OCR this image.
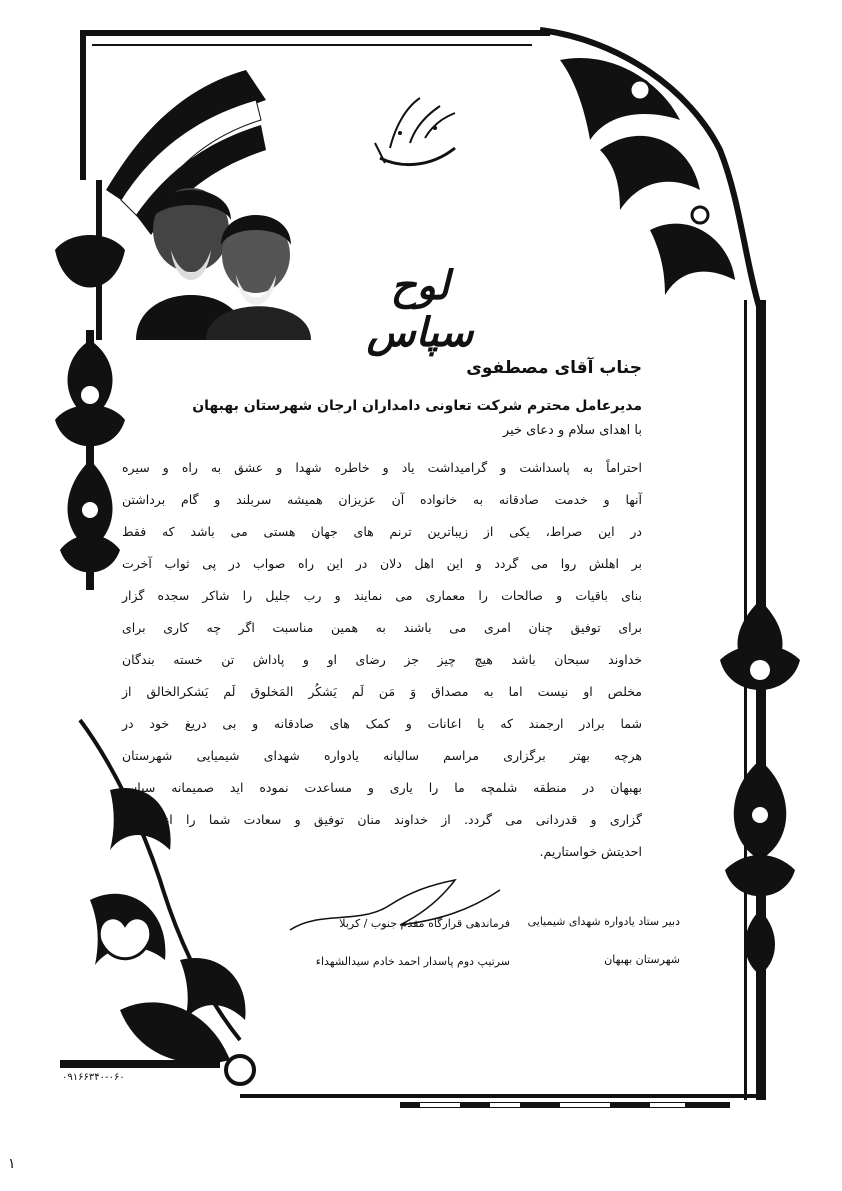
لوح سپاس
جناب آقای مصطفوی
مدیرعامل محترم شرکت تعاونی دامداران ارجان شهرستان بهبهان
با اهدای سلام و دعای خیر
احتراماً به پاسداشت و گرامیداشت یاد و خاطره شهدا و عشق به راه و سیره
آنها و خدمت صادقانه به خانواده آن عزیزان همیشه سربلند و گام برداشتن
در این صراط، یکی از زیباترین ترنم های جهان هستی می باشد که فقط
بر اهلش روا می گردد و این اهل دلان در این راه صواب در پی ثواب آخرت
بنای باقیات و صالحات را معماری می نمایند و رب جلیل را شاکر سجده گزار
برای توفیق چنان امری می باشند به همین مناسبت اگر چه کاری برای
خداوند سبحان باشد هیچ چیز جز رضای او و پاداش تن خسته بندگان
مخلص او نیست اما به مصداق وَ مَن لَم یَشکُر المَخلوق لَم یَشکرالخالق از
شما برادر ارجمند که با اعانات و کمک های صادقانه و بی دریغ خود در
هرچه بهتر برگزاری مراسم سالیانه یادواره شهدای شیمیایی شهرستان
بهبهان در منطقه شلمچه ما را یاری و مساعدت نموده اید صمیمانه سپاس
گزاری و قدردانی می گردد. از خداوند منان توفیق و سعادت شما را از درگاه
احدیتش خواستاریم.
دبیر ستاد یادواره شهدای شیمیایی
شهرستان بهبهان
فرماندهی قرارگاه مقدم جنوب / کربلا
سرتیپ دوم پاسدار احمد خادم سیدالشهداء
۰۹۱۶۶۳۴۰-۰۶۰
۱
